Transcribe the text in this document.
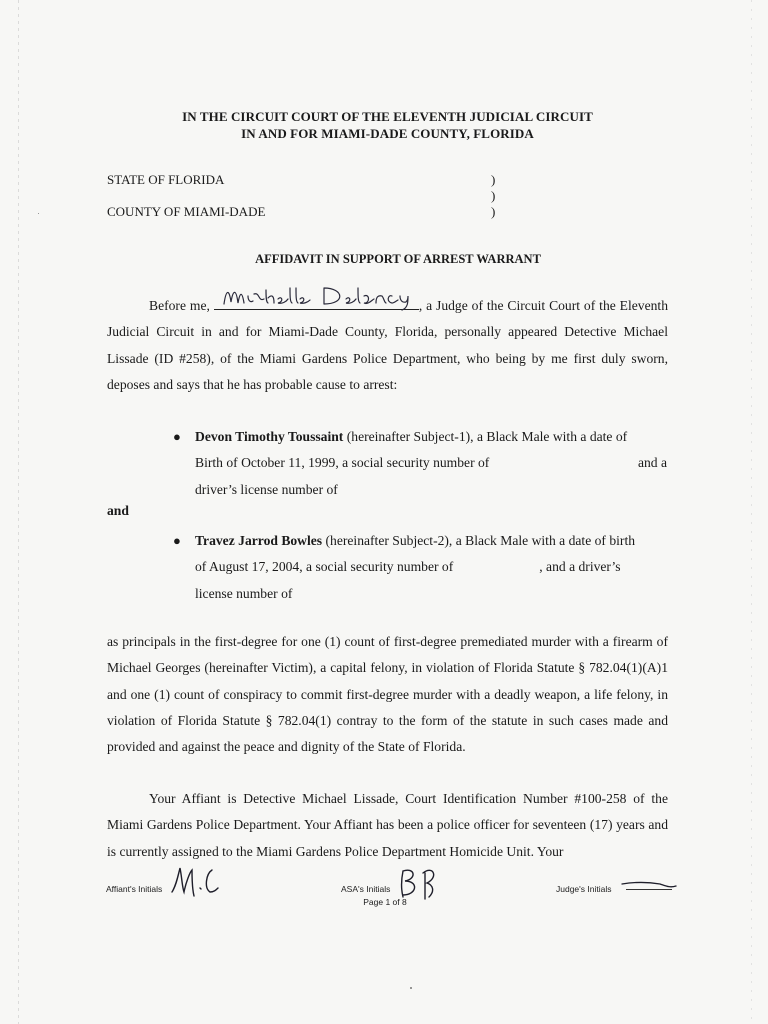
IN THE CIRCUIT COURT OF THE ELEVENTH JUDICIAL CIRCUIT
IN AND FOR MIAMI-DADE COUNTY, FLORIDA
STATE OF FLORIDA	)
)
COUNTY OF MIAMI-DADE	)
AFFIDAVIT IN SUPPORT OF ARREST WARRANT
Before me,	, a Judge of the Circuit Court of the Eleventh Judicial Circuit in and for Miami-Dade County, Florida, personally appeared Detective Michael Lissade (ID #258), of the Miami Gardens Police Department, who being by me first duly sworn, deposes and says that he has probable cause to arrest:
● Devon Timothy Toussaint (hereinafter Subject-1), a Black Male with a date of
Birth of October 11, 1999, a social security number of	and a
driver’s license number of
and
● Travez Jarrod Bowles (hereinafter Subject-2), a Black Male with a date of birth
of August 17, 2004, a social security number of	, and a driver’s
license number of
as principals in the first-degree for one (1) count of first-degree premediated murder with a firearm of Michael Georges (hereinafter Victim), a capital felony, in violation of Florida Statute § 782.04(1)(A)1 and one (1) count of conspiracy to commit first-degree murder with a deadly weapon, a life felony, in violation of Florida Statute § 782.04(1) contray to the form of the statute in such cases made and provided and against the peace and dignity of the State of Florida.
Your Affiant is Detective Michael Lissade, Court Identification Number #100-258 of the Miami Gardens Police Department. Your Affiant has been a police officer for seventeen (17) years and is currently assigned to the Miami Gardens Police Department Homicide Unit. Your
Affiant's Initials	ASA's Initials	Judge's Initials
Page 1 of 8
